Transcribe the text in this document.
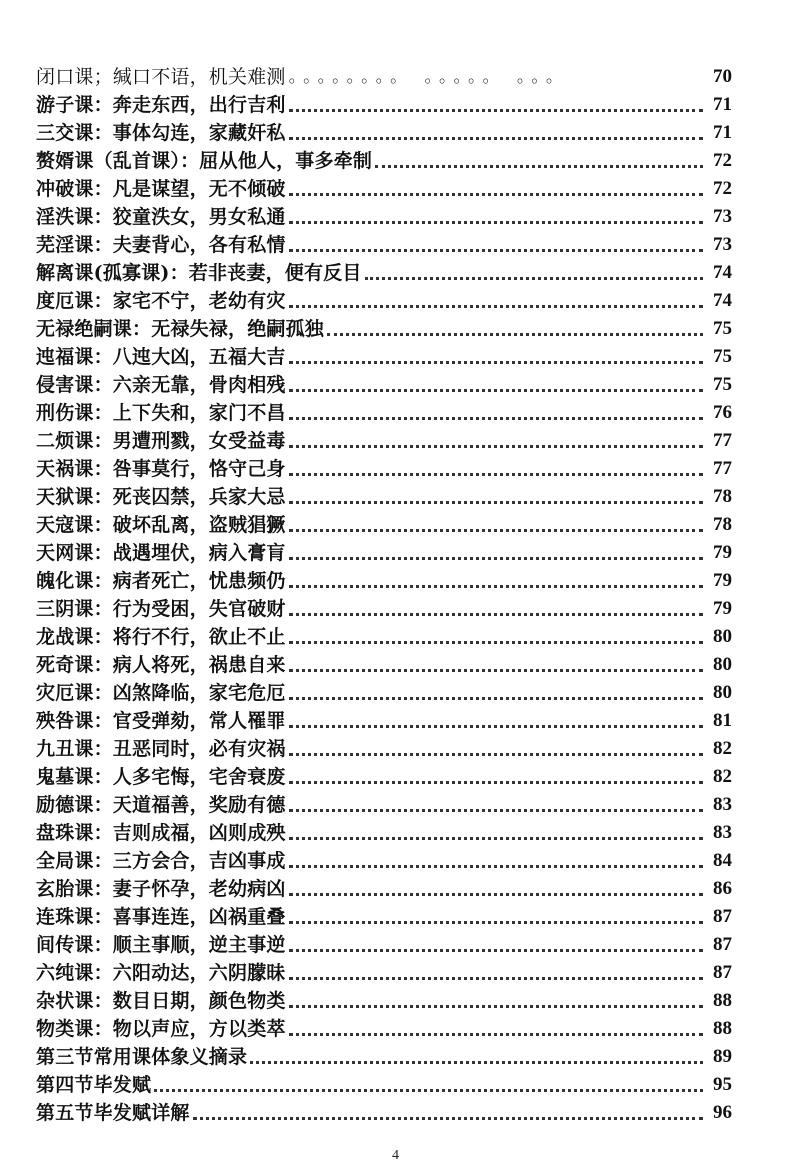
闭口课；缄口不语，机关难测 。。。。。。。。 。。。。。 。。。	70
游子课：奔走东西，出行吉利	71
三交课：事体勾连，家藏奸私	71
赘婿课（乱首课）：屈从他人，事多牵制	72
冲破课：凡是谋望，无不倾破	72
淫泆课：狡童泆女，男女私通	73
芜淫课：夫妻背心，各有私情	73
解离课(孤寡课)：若非丧妻，便有反目	74
度厄课：家宅不宁，老幼有灾	74
无禄绝嗣课：无禄失禄，绝嗣孤独	75
迍福课：八迍大凶，五福大吉	75
侵害课：六亲无靠，骨肉相残	75
刑伤课：上下失和，家门不昌	76
二烦课：男遭刑戮，女受益毒	77
天祸课：咎事莫行，恪守己身	77
天狱课：死丧囚禁，兵家大忌	78
天寇课：破坏乱离，盗贼猖獗	78
天网课：战遇埋伏，病入膏肓	79
魄化课：病者死亡，忧患频仍	79
三阴课：行为受困，失官破财	79
龙战课：将行不行，欲止不止	80
死奇课：病人将死，祸患自来	80
灾厄课：凶煞降临，家宅危厄	80
殃咎课：官受弹劾，常人罹罪	81
九丑课：丑恶同时，必有灾祸	82
鬼墓课：人多宅悔，宅舍衰废	82
励德课：天道福善，奖励有德	83
盘珠课：吉则成福，凶则成殃	83
全局课：三方会合，吉凶事成	84
玄胎课：妻子怀孕，老幼病凶	86
连珠课：喜事连连，凶祸重叠	87
间传课：顺主事顺，逆主事逆	87
六纯课：六阳动达，六阴朦昧	87
杂状课：数目日期，颜色物类	88
物类课：物以声应，方以类萃	88
第三节常用课体象义摘录	89
第四节毕发赋	95
第五节毕发赋详解	96
4
